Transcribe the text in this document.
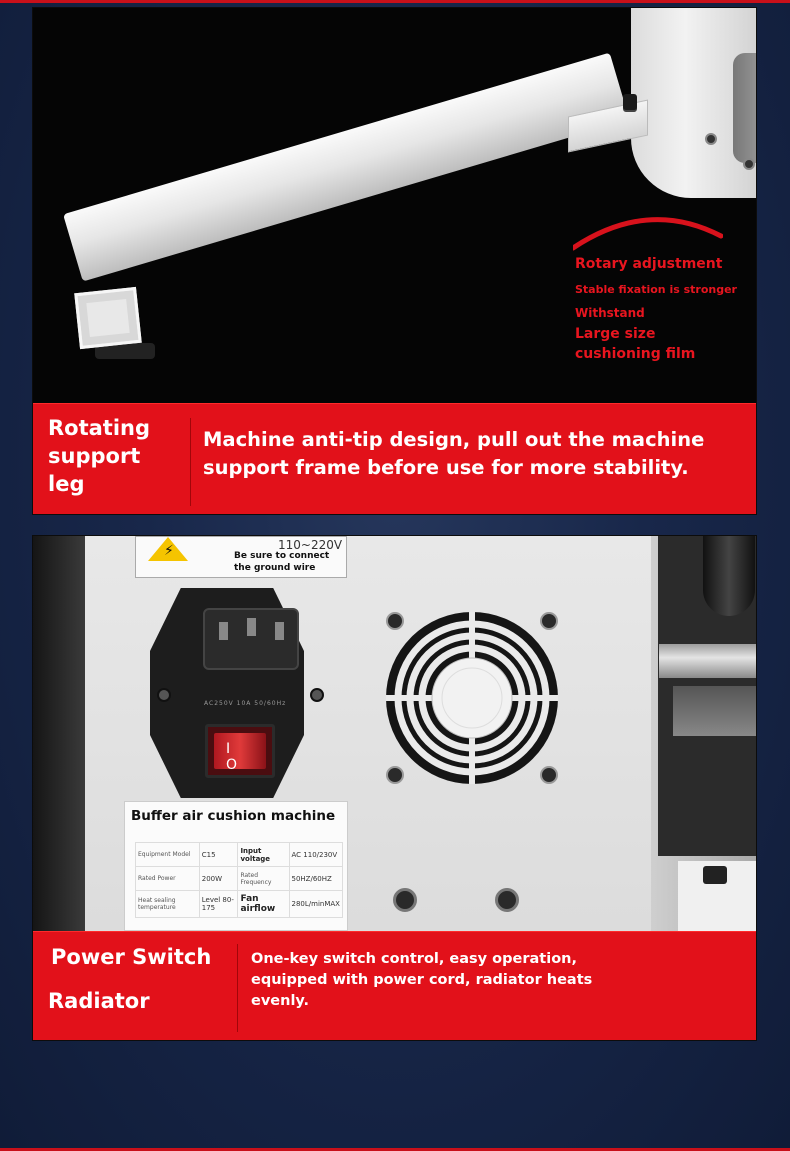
Rotary adjustment
Stable fixation is stronger
Withstand
Large size
cushioning film
Rotating
support
leg
Machine anti-tip design, pull out the machine
support frame before use for more stability.
⚡	110~220V
Be sure to connect
the ground wire
AC250V 10A 50/60Hz
I O
Buffer air cushion machine
Equipment Model	C15	Input voltage	AC 110/230V
Rated Power	200W	Rated Frequency	50HZ/60HZ
Heat sealing temperature	Level 80-175	Fan airflow	280L/minMAX
Power Switch
Radiator
One-key switch control, easy operation,
equipped with power cord, radiator heats
evenly.
